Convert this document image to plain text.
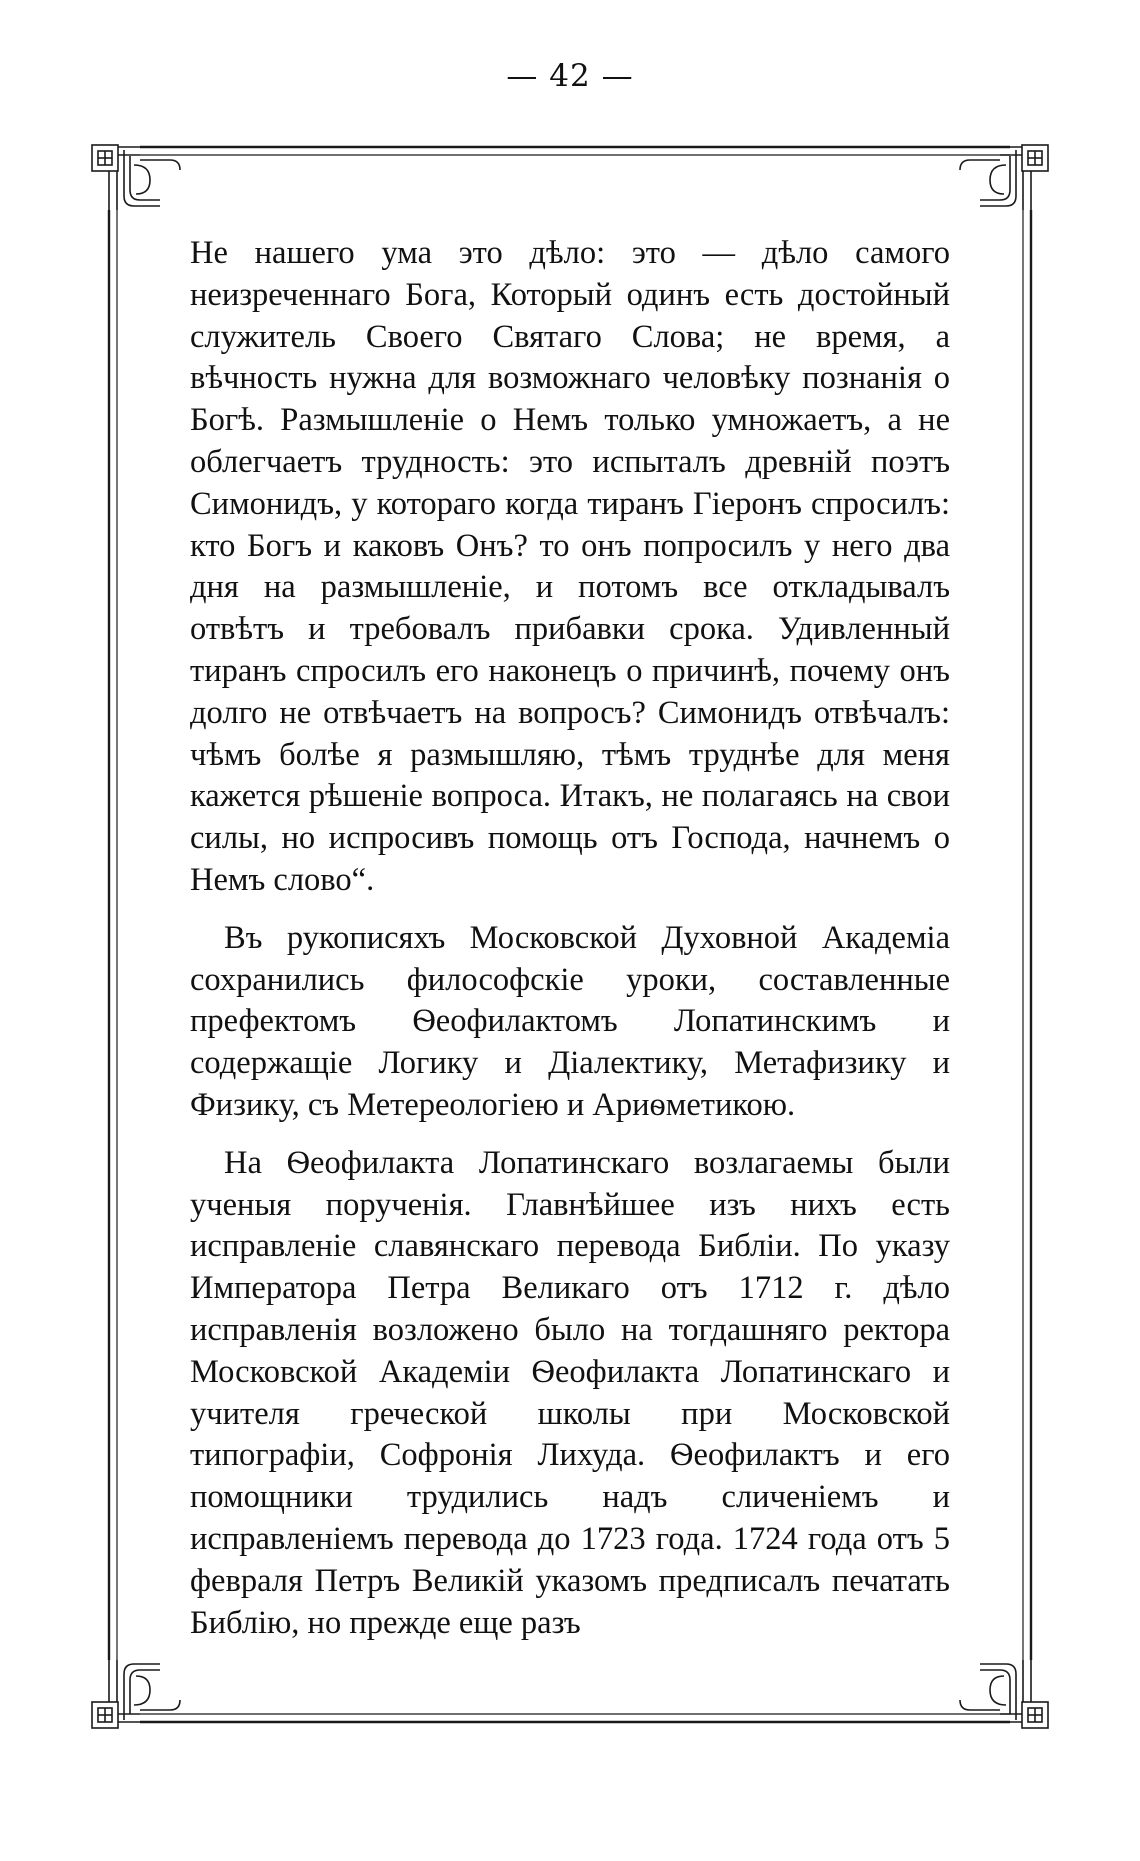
— 42 —

Не нашего ума это дѣло: это — дѣло самого неизреченнаго Бога, Который одинъ есть достойный служитель Своего Святаго Слова; не время, а вѣчность нужна для возможнаго человѣку познанія о Богѣ. Размышленіе о Немъ только умножаетъ, а не облегчаетъ трудность: это испыталъ древній поэтъ Симонидъ, у котораго когда тиранъ Гіеронъ спросилъ: кто Богъ и каковъ Онъ? то онъ попросилъ у него два дня на размышленіе, и потомъ все откладывалъ отвѣтъ и требовалъ прибавки срока. Удивленный тиранъ спросилъ его наконецъ о причинѣ, почему онъ долго не отвѣчаетъ на вопросъ? Симонидъ отвѣчалъ: чѣмъ болѣе я размышляю, тѣмъ труднѣе для меня кажется рѣшеніе вопроса. Итакъ, не полагаясь на свои силы, но испросивъ помощь отъ Господа, начнемъ о Немъ слово“.

Въ рукописяхъ Московской Духовной Академіа сохранились философскіе уроки, составленные префектомъ Ѳеофилактомъ Лопатинскимъ и содержащіе Логику и Діалектику, Метафизику и Физику, съ Метереологіею и Ариѳметикою.

На Ѳеофилакта Лопатинскаго возлагаемы были ученыя порученія. Главнѣйшее изъ нихъ есть исправленіе славянскаго перевода Библіи. По указу Императора Петра Великаго отъ 1712 г. дѣло исправленія возложено было на тогдашняго ректора Московской Академіи Ѳеофилакта Лопатинскаго и учителя греческой школы при Московской типографіи, Софронія Лихуда. Ѳеофилактъ и его помощники трудились надъ сличеніемъ и исправленіемъ перевода до 1723 года. 1724 года отъ 5 февраля Петръ Великій указомъ предписалъ печатать Библію, но прежде еще разъ
